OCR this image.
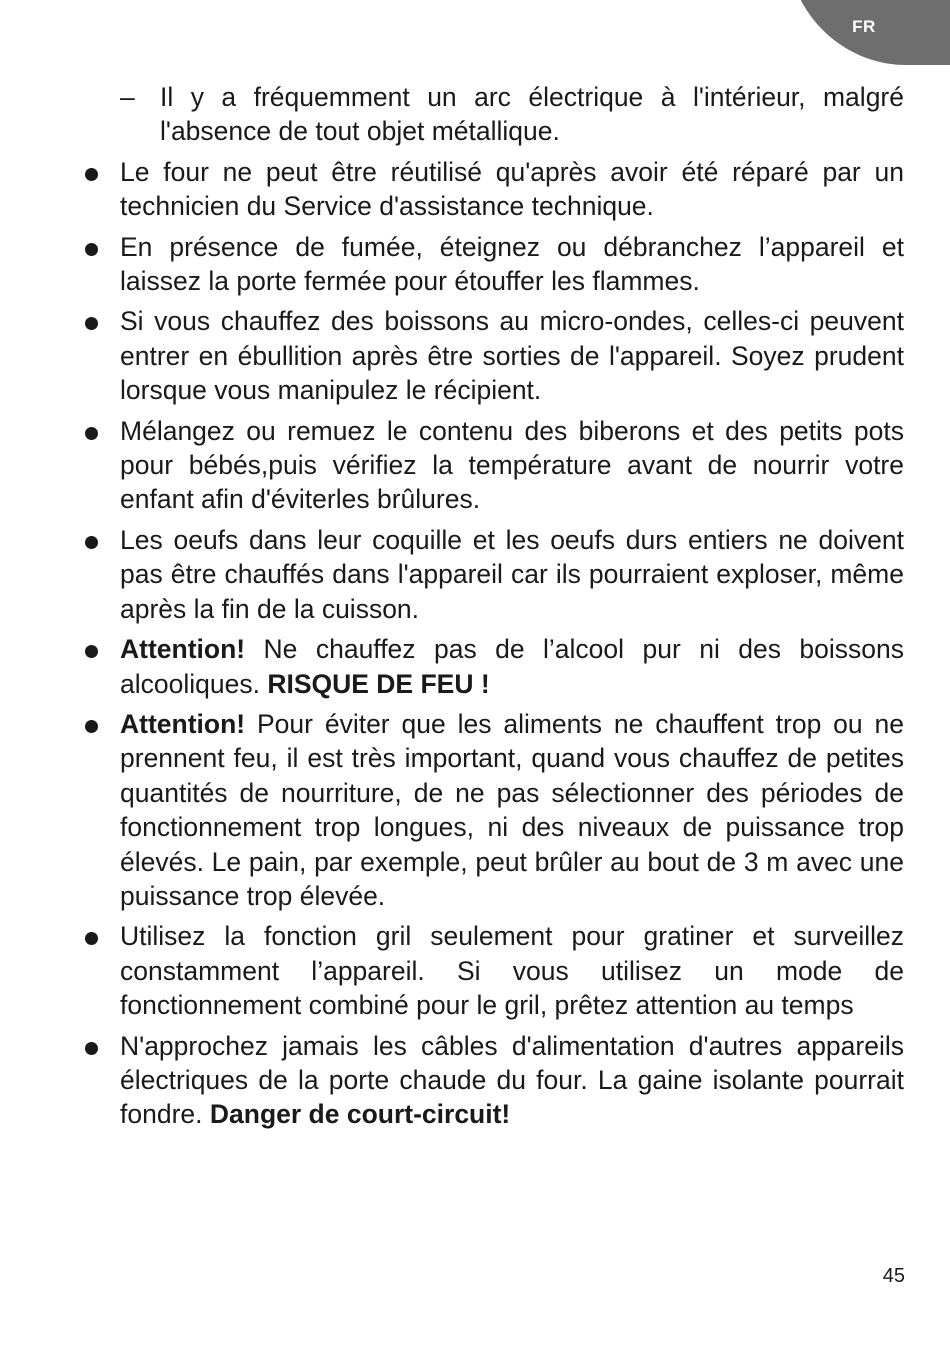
FR
– Il y a fréquemment un arc électrique à l'intérieur, malgré l'absence de tout objet métallique.
Le four ne peut être réutilisé qu'après avoir été réparé par un technicien du Service d'assistance technique.
En présence de fumée, éteignez ou débranchez l’appareil et laissez la porte fermée pour étouffer les flammes.
Si vous chauffez des boissons au micro-ondes, celles-ci peuvent entrer en ébullition après être sorties de l'appareil. Soyez prudent lorsque vous manipulez le récipient.
Mélangez ou remuez le contenu des biberons et des petits pots pour bébés,puis vérifiez la température avant de nourrir votre enfant afin d'éviterles brûlures.
Les oeufs dans leur coquille et les oeufs durs entiers ne doivent pas être chauffés dans l'appareil car ils pourraient exploser, même après la fin de la cuisson.
Attention! Ne chauffez pas de l’alcool pur ni des boissons alcooliques. RISQUE DE FEU !
Attention! Pour éviter que les aliments ne chauffent trop ou ne prennent feu, il est très important, quand vous chauffez de petites quantités de nourriture, de ne pas sélectionner des périodes de fonctionnement trop longues, ni des niveaux de puissance trop élevés. Le pain, par exemple, peut brûler au bout de 3 m avec une puissance trop élevée.
Utilisez la fonction gril seulement pour gratiner et surveillez constamment l’appareil. Si vous utilisez un mode de fonctionnement combiné pour le gril, prêtez attention au temps
N'approchez jamais les câbles d'alimentation d'autres appareils électriques de la porte chaude du four. La gaine isolante pourrait fondre. Danger de court-circuit!
45
